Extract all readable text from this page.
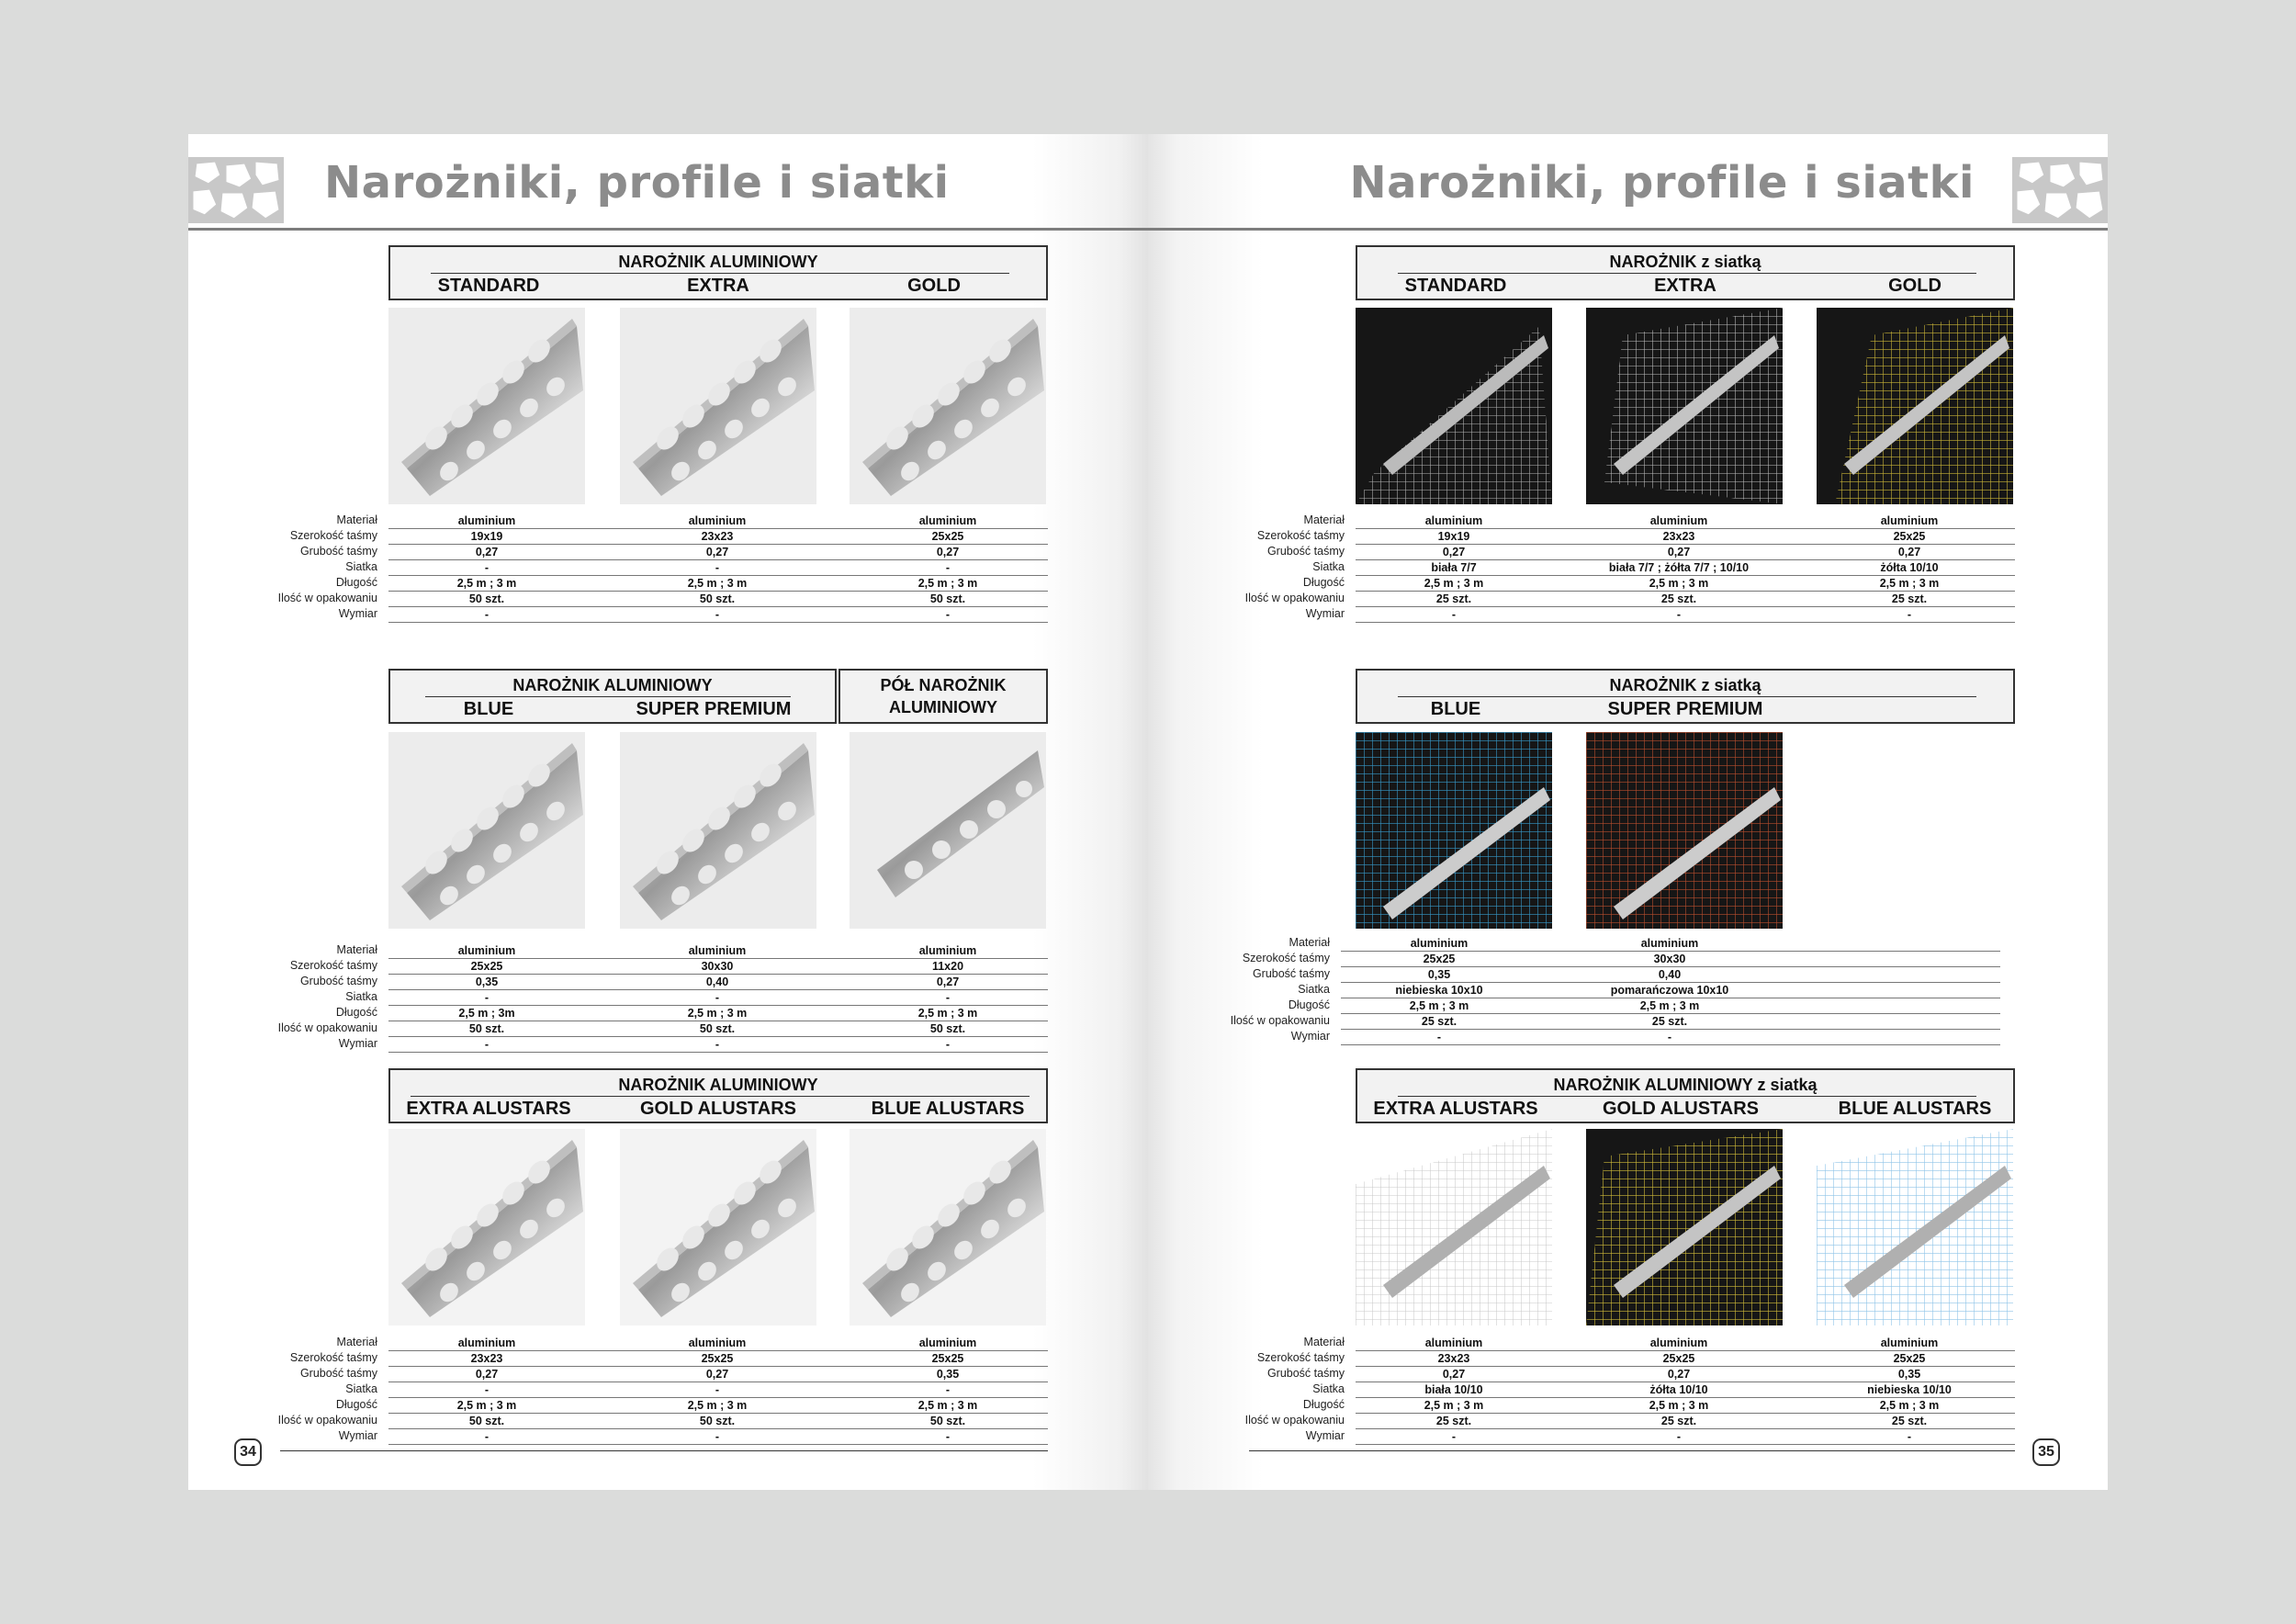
Narożniki, profile i siatki
NAROŻNIK ALUMINIOWY
STANDARD	EXTRA	GOLD
Materiał	aluminium	aluminium	aluminium
Szerokość taśmy	19x19	23x23	25x25
Grubość taśmy	0,27	0,27	0,27
Siatka	-	-	-
Długość	2,5 m ; 3 m	2,5 m ; 3 m	2,5 m ; 3 m
Ilość w opakowaniu	50 szt.	50 szt.	50 szt.
Wymiar	-	-	-
NAROŻNIK ALUMINIOWY
BLUE	SUPER PREMIUM
PÓŁ NAROŻNIK
ALUMINIOWY
Materiał	aluminium	aluminium	aluminium
Szerokość taśmy	25x25	30x30	11x20
Grubość taśmy	0,35	0,40	0,27
Siatka	-	-	-
Długość	2,5 m ; 3m	2,5 m ; 3 m	2,5 m ; 3 m
Ilość w opakowaniu	50 szt.	50 szt.	50 szt.
Wymiar	-	-	-
NAROŻNIK ALUMINIOWY
EXTRA ALUSTARS	GOLD ALUSTARS	BLUE ALUSTARS
Materiał	aluminium	aluminium	aluminium
Szerokość taśmy	23x23	25x25	25x25
Grubość taśmy	0,27	0,27	0,35
Siatka	-	-	-
Długość	2,5 m ; 3 m	2,5 m ; 3 m	2,5 m ; 3 m
Ilość w opakowaniu	50 szt.	50 szt.	50 szt.
Wymiar	-	-	-
34
Narożniki, profile i siatki
NAROŻNIK z siatką
STANDARD	EXTRA	GOLD
Materiał	aluminium	aluminium	aluminium
Szerokość taśmy	19x19	23x23	25x25
Grubość taśmy	0,27	0,27	0,27
Siatka	biała 7/7	biała 7/7 ; żółta 7/7 ; 10/10	żółta 10/10
Długość	2,5 m ; 3 m	2,5 m ; 3 m	2,5 m ; 3 m
Ilość w opakowaniu	25 szt.	25 szt.	25 szt.
Wymiar	-	-	-
NAROŻNIK z siatką
BLUE	SUPER PREMIUM
Materiał	aluminium	aluminium
Szerokość taśmy	25x25	30x30
Grubość taśmy	0,35	0,40
Siatka	niebieska 10x10	pomarańczowa 10x10
Długość	2,5 m ; 3 m	2,5 m ; 3 m
Ilość w opakowaniu	25 szt.	25 szt.
Wymiar	-	-
NAROŻNIK ALUMINIOWY z siatką
EXTRA ALUSTARS	GOLD ALUSTARS	BLUE ALUSTARS
Materiał	aluminium	aluminium	aluminium
Szerokość taśmy	23x23	25x25	25x25
Grubość taśmy	0,27	0,27	0,35
Siatka	biała 10/10	żółta 10/10	niebieska 10/10
Długość	2,5 m ; 3 m	2,5 m ; 3 m	2,5 m ; 3 m
Ilość w opakowaniu	25 szt.	25 szt.	25 szt.
Wymiar	-	-	-
35
